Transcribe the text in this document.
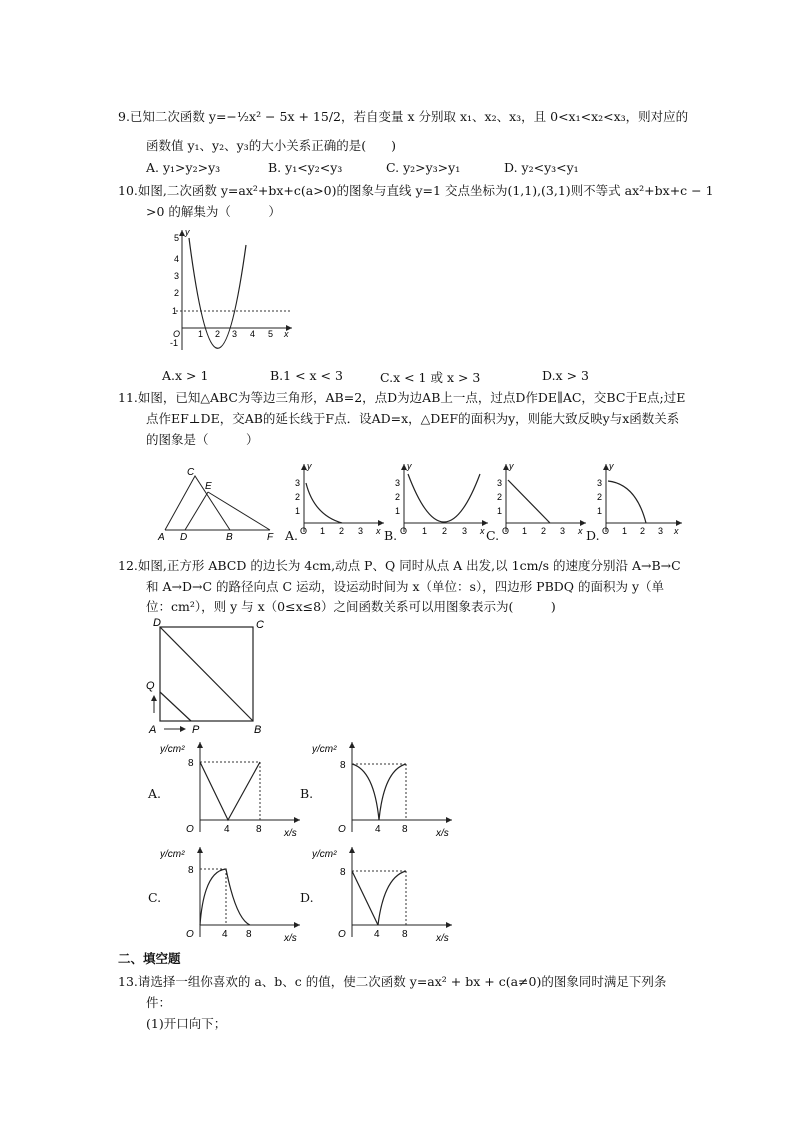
9.已知二次函数 y=−½x² − 5x + 15/2，若自变量 x 分别取 x₁、x₂、x₃，且 0<x₁<x₂<x₃，则对应的
函数值 y₁、y₂、y₃的大小关系正确的是(　　)
A. y₁>y₂>y₃	B. y₁<y₂<y₃	C. y₂>y₃>y₁	D. y₂<y₃<y₁
10.如图,二次函数 y=ax²+bx+c(a>0)的图象与直线 y=1 交点坐标为(1,1),(3,1)则不等式 ax²+bx+c − 1
>0 的解集为（　　　）
5
4
3
2
1
-1
O 1 2 3 4 5 x
y
A.x > 1	B.1 < x < 3	C.x < 1 或 x > 3	D.x > 3
11.如图，已知△ABC为等边三角形，AB=2，点D为边AB上一点，过点D作DE∥AC，交BC于E点;过E
点作EF⊥DE，交AB的延长线于F点．设AD=x，△DEF的面积为y，则能大致反映y与x函数关系
的图象是（　　　）
C
E
A D	B	F A.
3
2
1
O 1 2 3 x
y
B.
3
2
1
O 1 2 3 x
y
C.
3
2
1
O 1 2 3 x
y
D.
3
2
1
O 1 2 3 x
y
12.如图,正方形 ABCD 的边长为 4cm,动点 P、Q 同时从点 A 出发,以 1cm/s 的速度分别沿 A→B→C
和 A→D→C 的路径向点 C 运动，设运动时间为 x（单位：s），四边形 PBDQ 的面积为 y（单
位：cm²），则 y 与 x（0≤x≤8）之间函数关系可以用图象表示为(　　　)
D	C
Q
A	P	B
A.
y/cm²
8
O	4	8 x/s
B.
y/cm²
8
O	4 8	x/s
C.
y/cm²
8
O	4 8	x/s
D.
y/cm²
8
O	4 8	x/s
二、填空题
13.请选择一组你喜欢的 a、b、c 的值，使二次函数 y=ax² + bx + c(a≠0)的图象同时满足下列条
件：
(1)开口向下；
